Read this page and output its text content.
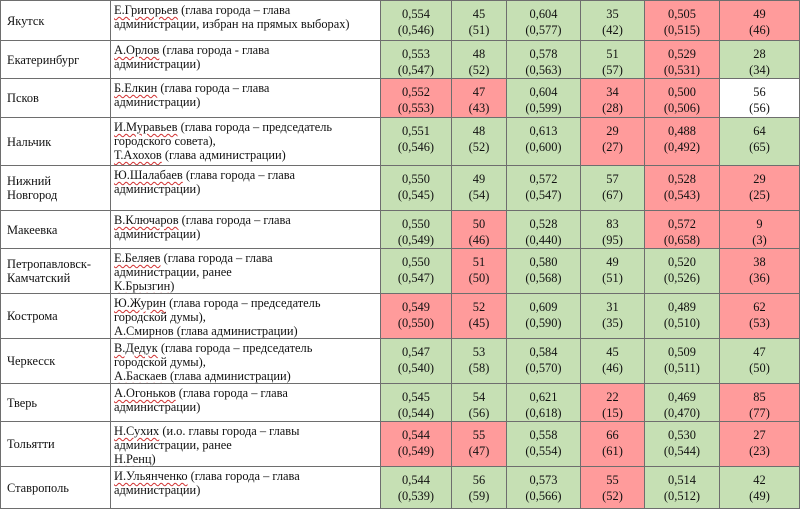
Якутск	Е.Григорьев (глава города – глава
администрации, избран на прямых выборах)	0,554
(0,546)	45
(51)	0,604
(0,577)	35
(42)	0,505
(0,515)	49
(46)

Екатеринбург	А.Орлов (глава города - глава
администрации)	0,553
(0,547)	48
(52)	0,578
(0,563)	51
(57)	0,529
(0,531)	28
(34)

Псков	Б.Елкин (глава города – глава
администрации)	0,552
(0,553)	47
(43)	0,604
(0,599)	34
(28)	0,500
(0,506)	56
(56)

Нальчик	И.Муравьев (глава города – председатель
городского совета),
Т.Ахохов (глава администрации)	0,551
(0,546)	48
(52)	0,613
(0,600)	29
(27)	0,488
(0,492)	64
(65)

Нижний
Новгород	Ю.Шалабаев (глава города – глава
администрации)	0,550
(0,545)	49
(54)	0,572
(0,547)	57
(67)	0,528
(0,543)	29
(25)

Макеевка	В.Ключаров (глава города – глава
администрации)	0,550
(0,549)	50
(46)	0,528
(0,440)	83
(95)	0,572
(0,658)	9
(3)

Петропавловск-
Камчатский	Е.Беляев (глава города – глава
администрации, ранее
К.Брызгин)	0,550
(0,547)	51
(50)	0,580
(0,568)	49
(51)	0,520
(0,526)	38
(36)

Кострома	Ю.Журин (глава города – председатель
городской думы),
А.Смирнов (глава администрации)	0,549
(0,550)	52
(45)	0,609
(0,590)	31
(35)	0,489
(0,510)	62
(53)

Черкесск	В.Дедук (глава города – председатель
городской думы),
А.Баскаев (глава администрации)	0,547
(0,540)	53
(58)	0,584
(0,570)	45
(46)	0,509
(0,511)	47
(50)

Тверь	А.Огоньков (глава города – глава
администрации)	0,545
(0,544)	54
(56)	0,621
(0,618)	22
(15)	0,469
(0,470)	85
(77)

Тольятти	Н.Сухих (и.о. главы города – главы
администрации, ранее
Н.Ренц)	0,544
(0,549)	55
(47)	0,558
(0,554)	66
(61)	0,530
(0,544)	27
(23)

Ставрополь	И.Ульянченко (глава города – глава
администрации)	0,544
(0,539)	56
(59)	0,573
(0,566)	55
(52)	0,514
(0,512)	42
(49)
